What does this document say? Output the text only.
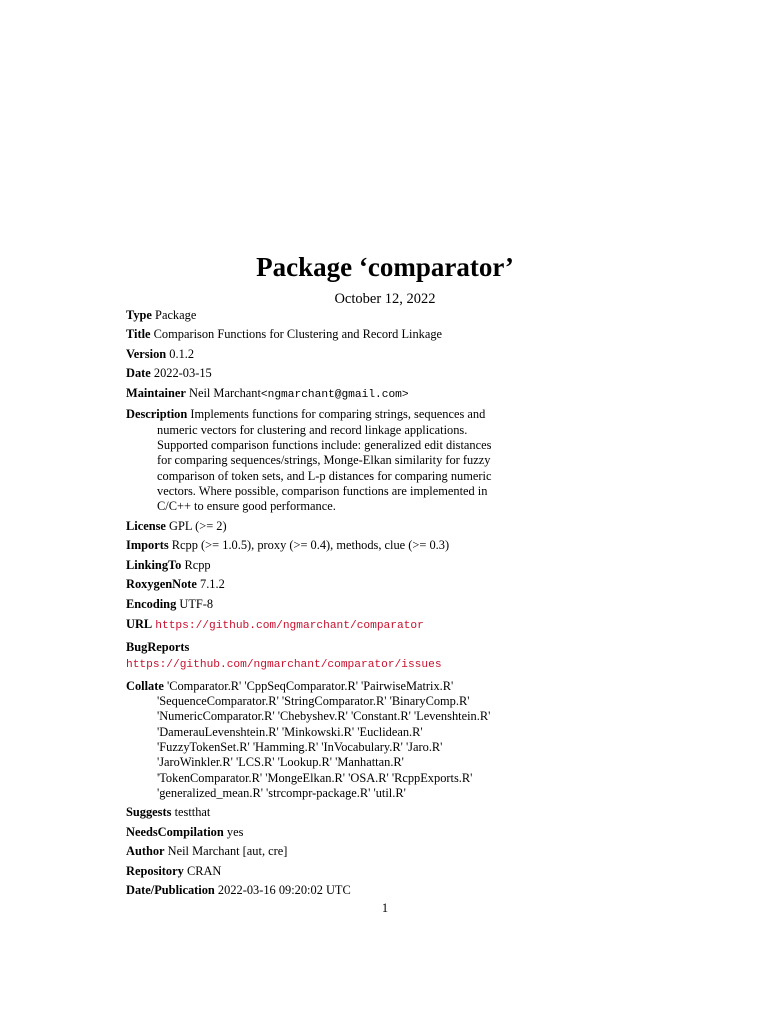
Package ‘comparator’
October 12, 2022
Type Package
Title Comparison Functions for Clustering and Record Linkage
Version 0.1.2
Date 2022-03-15
Maintainer Neil Marchant<ngmarchant@gmail.com>
Description Implements functions for comparing strings, sequences and numeric vectors for clustering and record linkage applications. Supported comparison functions include: generalized edit distances for comparing sequences/strings, Monge-Elkan similarity for fuzzy comparison of token sets, and L-p distances for comparing numeric vectors. Where possible, comparison functions are implemented in C/C++ to ensure good performance.
License GPL (>= 2)
Imports Rcpp (>= 1.0.5), proxy (>= 0.4), methods, clue (>= 0.3)
LinkingTo Rcpp
RoxygenNote 7.1.2
Encoding UTF-8
URL https://github.com/ngmarchant/comparator
BugReports https://github.com/ngmarchant/comparator/issues
Collate 'Comparator.R' 'CppSeqComparator.R' 'PairwiseMatrix.R' 'SequenceComparator.R' 'StringComparator.R' 'BinaryComp.R' 'NumericComparator.R' 'Chebyshev.R' 'Constant.R' 'Levenshtein.R' 'DamerauLevenshtein.R' 'Minkowski.R' 'Euclidean.R' 'FuzzyTokenSet.R' 'Hamming.R' 'InVocabulary.R' 'Jaro.R' 'JaroWinkler.R' 'LCS.R' 'Lookup.R' 'Manhattan.R' 'TokenComparator.R' 'MongeElkan.R' 'OSA.R' 'RcppExports.R' 'generalized_mean.R' 'strcompr-package.R' 'util.R'
Suggests testthat
NeedsCompilation yes
Author Neil Marchant [aut, cre]
Repository CRAN
Date/Publication 2022-03-16 09:20:02 UTC
1
